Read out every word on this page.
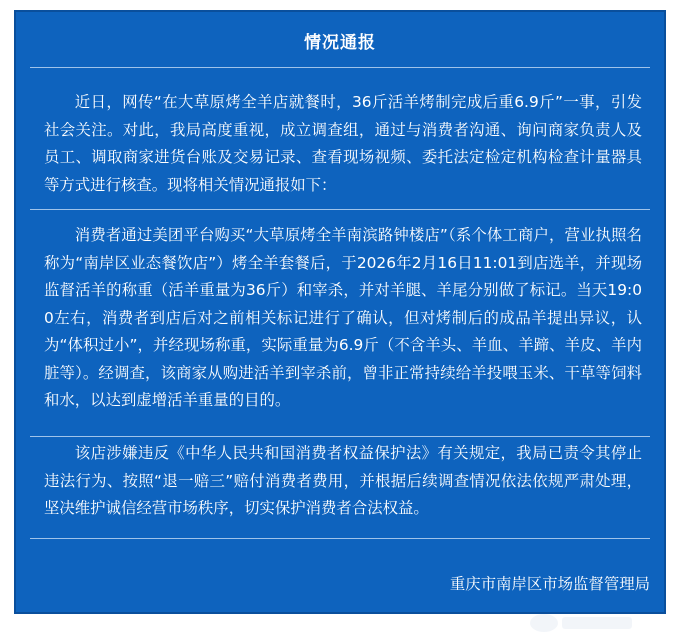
情况通报
近日，网传“在大草原烤全羊店就餐时，36斤活羊烤制完成后重6.9斤”一事，引发社会关注。对此，我局高度重视，成立调查组，通过与消费者沟通、询问商家负责人及员工、调取商家进货台账及交易记录、查看现场视频、委托法定检定机构检查计量器具等方式进行核查。现将相关情况通报如下：
消费者通过美团平台购买“大草原烤全羊南滨路钟楼店”（系个体工商户，营业执照名称为“南岸区业态餐饮店”）烤全羊套餐后，于2026年2月16日11:01到店选羊，并现场监督活羊的称重（活羊重量为36斤）和宰杀，并对羊腿、羊尾分别做了标记。当天19:00左右，消费者到店后对之前相关标记进行了确认，但对烤制后的成品羊提出异议，认为“体积过小”，并经现场称重，实际重量为6.9斤（不含羊头、羊血、羊蹄、羊皮、羊内脏等）。经调查，该商家从购进活羊到宰杀前，曾非正常持续给羊投喂玉米、干草等饲料和水，以达到虚增活羊重量的目的。
该店涉嫌违反《中华人民共和国消费者权益保护法》有关规定，我局已责令其停止违法行为、按照“退一赔三”赔付消费者费用，并根据后续调查情况依法依规严肃处理，坚决维护诚信经营市场秩序，切实保护消费者合法权益。
重庆市南岸区市场监督管理局
